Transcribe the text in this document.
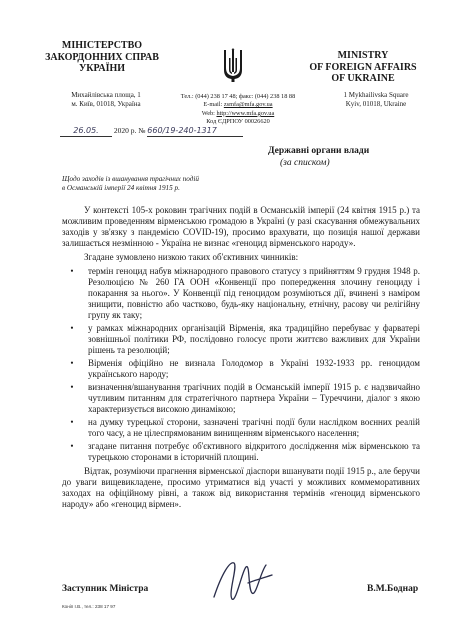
МІНІСТЕРСТВО
ЗАКОРДОННИХ СПРАВ
УКРАЇНИ
MINISTRY
OF FOREIGN AFFAIRS
OF UKRAINE
Михайлівська площа, 1
м. Київ, 01018, Україна
Тел.: (044) 238 17 48; факс: (044) 238 18 88
E-mail: zsmfa@mfa.gov.ua
Web: http://www.mfa.gov.ua
Код ЄДРПОУ 00026620
1 Mykhailivska Square
Kyiv, 01018, Ukraine
26.05. 2020 р. № 660/19-240-1317
Державні органи влади
(за списком)
Щодо заходів із вшанування трагічних подій
в Османській імперії 24 квітня 1915 р.

У контексті 105-х роковин трагічних подій в Османській імперії (24 квітня 1915 р.) та можливим проведенням вірменською громадою в Україні (у разі скасування обмежувальних заходів у зв'язку з пандемією COVID-19), просимо врахувати, що позиція нашої держави залишається незмінною - Україна не визнає «геноцид вірменського народу».

Згадане зумовлено низкою таких об'єктивних чинників:

• термін геноцид набув міжнародного правового статусу з прийняттям 9 грудня 1948 р. Резолюцією № 260 ГА ООН «Конвенції про попередження злочину геноциду і покарання за нього». У Конвенції під геноцидом розуміються дії, вчинені з наміром знищити, повністю або частково, будь-яку національну, етнічну, расову чи релігійну групу як таку;
• у рамках міжнародних організацій Вірменія, яка традиційно перебуває у фарватері зовнішньої політики РФ, послідовно голосує проти життєво важливих для України рішень та резолюцій;
• Вірменія офіційно не визнала Голодомор в Україні 1932-1933 рр. геноцидом українського народу;
• визначення/вшанування трагічних подій в Османській імперії 1915 р. є надзвичайно чутливим питанням для стратегічного партнера України – Туреччини, діалог з якою характеризується високою динамікою;
• на думку турецької сторони, зазначені трагічні події були наслідком воєнних реалій того часу, а не цілеспрямованим винищенням вірменського населення;
• згадане питання потребує об'єктивного відкритого дослідження між вірменською та турецькою сторонами в історичній площині.

Відтак, розуміючи прагнення вірменської діаспори вшанувати події 1915 р., але беручи до уваги вищевикладене, просимо утриматися від участі у можливих коммеморативних заходах на офіційному рівні, а також від використання термінів «геноцид вірменського народу» або «геноцид вірмен».

Заступник Міністра	В.М.Боднар
Коніп І.В., тел.: 238 17 97
